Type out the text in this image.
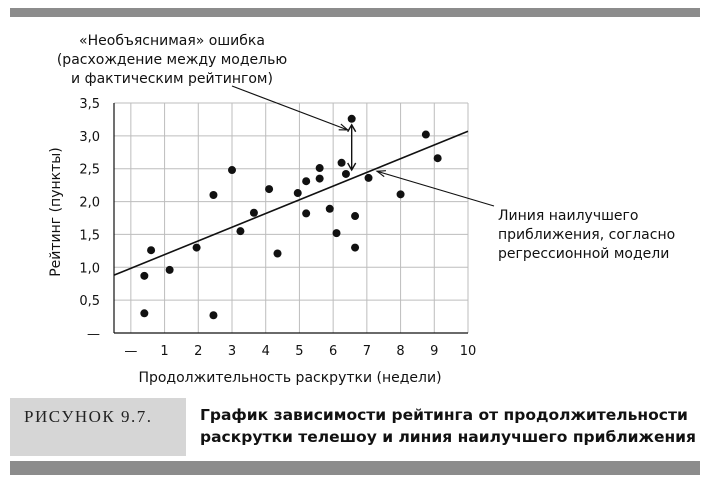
— 1 2 3 4 5 6 7 8 9 10
—
0,5
1,0
1,5
2,0
2,5
3,0
3,5
«Необъяснимая» ошибка
(расхождение между моделью
и фактическим рейтингом)
Линия наилучшего
приближения, согласно
регрессионной модели
Продолжительность раскрутки (недели)
Рейтинг (пункты)
РИСУНОК 9.7.	График зависимости рейтинга от продолжительности
раскрутки телешоу и линия наилучшего приближения
